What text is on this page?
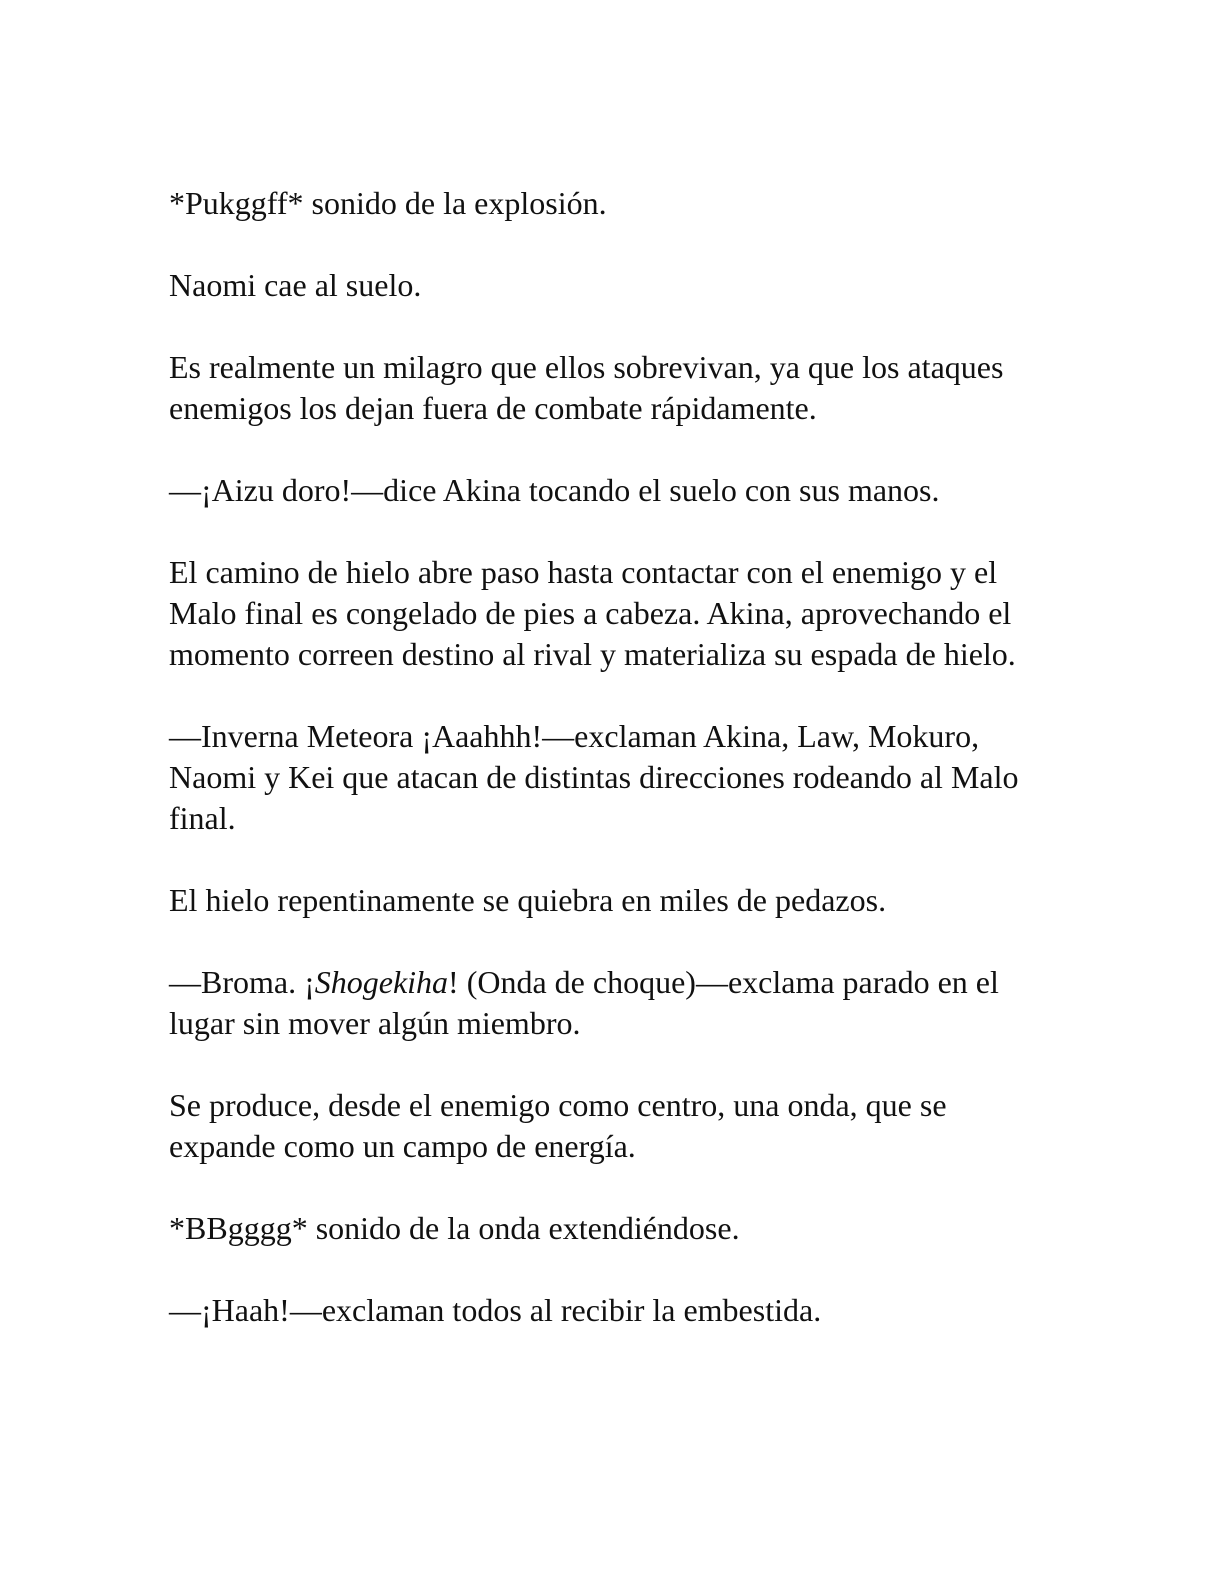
*Pukggff* sonido de la explosión.

Naomi cae al suelo.

Es realmente un milagro que ellos sobrevivan, ya que los ataques enemigos los dejan fuera de combate rápidamente.

—¡Aizu doro!—dice Akina tocando el suelo con sus manos.

El camino de hielo abre paso hasta contactar con el enemigo y el Malo final es congelado de pies a cabeza. Akina, aprovechando el momento correen destino al rival y materializa su espada de hielo.

—Inverna Meteora ¡Aaahhh!—exclaman Akina, Law, Mokuro, Naomi y Kei que atacan de distintas direcciones rodeando al Malo final.

El hielo repentinamente se quiebra en miles de pedazos.

—Broma. ¡Shogekiha! (Onda de choque)—exclama parado en el lugar sin mover algún miembro.

Se produce, desde el enemigo como centro, una onda, que se expande como un campo de energía.

*BBgggg* sonido de la onda extendiéndose.

—¡Haah!—exclaman todos al recibir la embestida.
